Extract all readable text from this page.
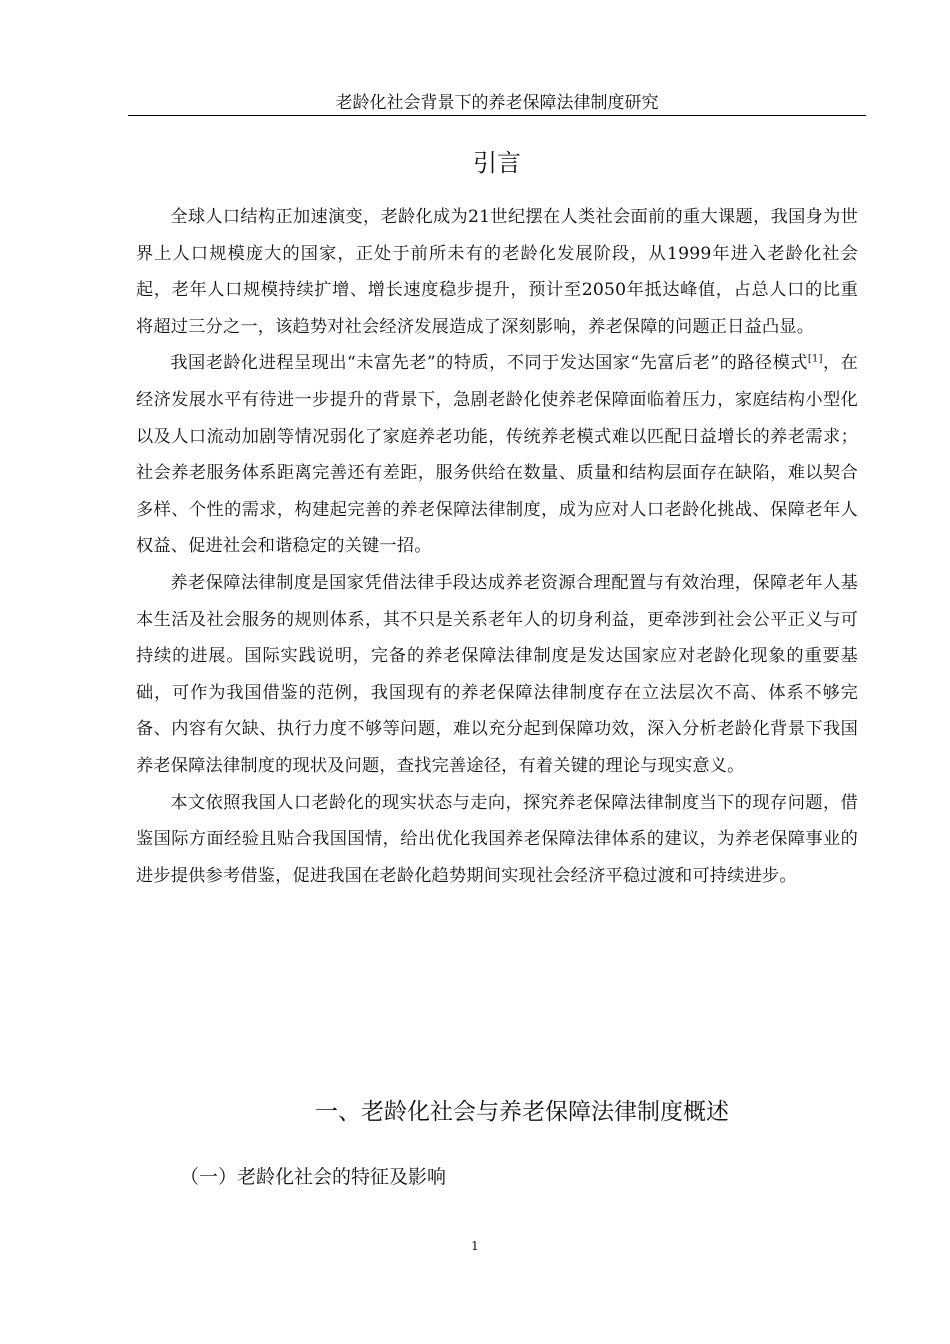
老龄化社会背景下的养老保障法律制度研究
引言

全球人口结构正加速演变，老龄化成为21世纪摆在人类社会面前的重大课题，我国身为世界上人口规模庞大的国家，正处于前所未有的老龄化发展阶段，从1999年进入老龄化社会起，老年人口规模持续扩增、增长速度稳步提升，预计至2050年抵达峰值，占总人口的比重将超过三分之一，该趋势对社会经济发展造成了深刻影响，养老保障的问题正日益凸显。

我国老龄化进程呈现出“未富先老”的特质，不同于发达国家“先富后老”的路径模式[1]，在经济发展水平有待进一步提升的背景下，急剧老龄化使养老保障面临着压力，家庭结构小型化以及人口流动加剧等情况弱化了家庭养老功能，传统养老模式难以匹配日益增长的养老需求；社会养老服务体系距离完善还有差距，服务供给在数量、质量和结构层面存在缺陷，难以契合多样、个性的需求，构建起完善的养老保障法律制度，成为应对人口老龄化挑战、保障老年人权益、促进社会和谐稳定的关键一招。

养老保障法律制度是国家凭借法律手段达成养老资源合理配置与有效治理，保障老年人基本生活及社会服务的规则体系，其不只是关系老年人的切身利益，更牵涉到社会公平正义与可持续的进展。国际实践说明，完备的养老保障法律制度是发达国家应对老龄化现象的重要基础，可作为我国借鉴的范例，我国现有的养老保障法律制度存在立法层次不高、体系不够完备、内容有欠缺、执行力度不够等问题，难以充分起到保障功效，深入分析老龄化背景下我国养老保障法律制度的现状及问题，查找完善途径，有着关键的理论与现实意义。

本文依照我国人口老龄化的现实状态与走向，探究养老保障法律制度当下的现存问题，借鉴国际方面经验且贴合我国国情，给出优化我国养老保障法律体系的建议，为养老保障事业的进步提供参考借鉴，促进我国在老龄化趋势期间实现社会经济平稳过渡和可持续进步。

一、老龄化社会与养老保障法律制度概述
（一）老龄化社会的特征及影响
1
